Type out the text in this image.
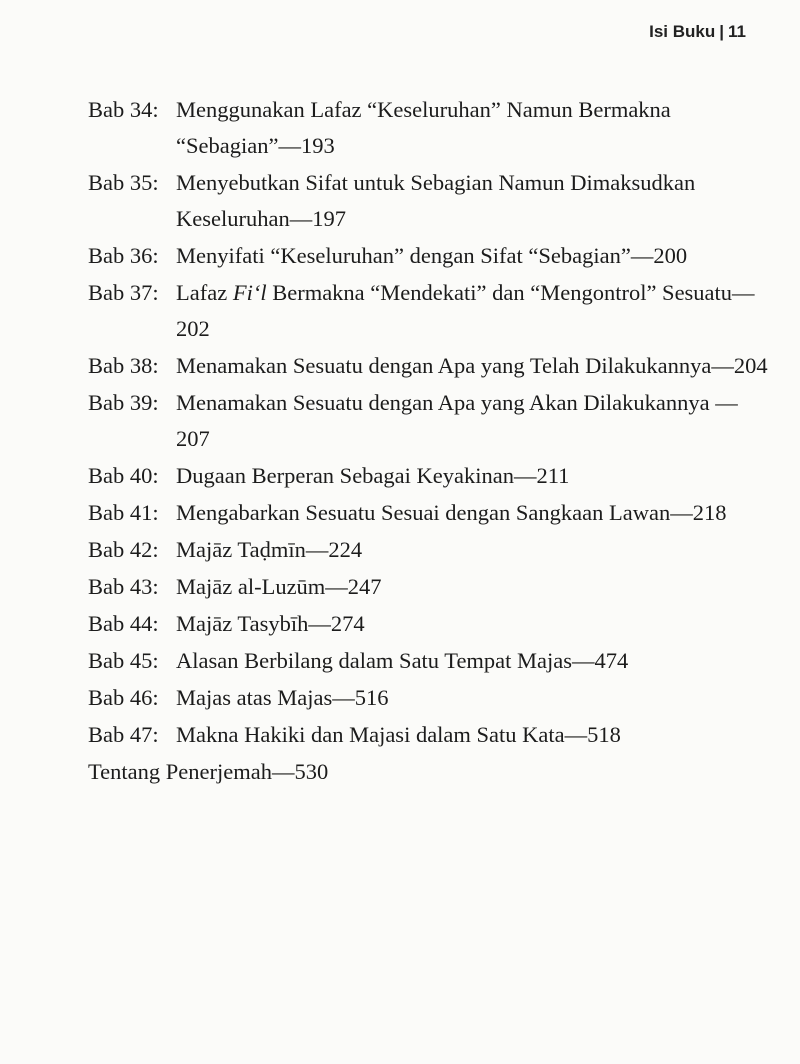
Isi Buku | 11
Bab 34: Menggunakan Lafaz “Keseluruhan” Namun Bermakna “Sebagian”—193
Bab 35: Menyebutkan Sifat untuk Sebagian Namun Dimaksudkan Keseluruhan—197
Bab 36: Menyifati “Keseluruhan” dengan Sifat “Sebagian”—200
Bab 37: Lafaz Fi‘l Bermakna “Mendekati” dan “Mengontrol” Sesuatu—202
Bab 38: Menamakan Sesuatu dengan Apa yang Telah Dilakukannya—204
Bab 39: Menamakan Sesuatu dengan Apa yang Akan Dilakukannya —207
Bab 40: Dugaan Berperan Sebagai Keyakinan—211
Bab 41: Mengabarkan Sesuatu Sesuai dengan Sangkaan Lawan—218
Bab 42: Majāz Taḍmīn—224
Bab 43: Majāz al-Luzūm—247
Bab 44: Majāz Tasybīh—274
Bab 45: Alasan Berbilang dalam Satu Tempat Majas—474
Bab 46: Majas atas Majas—516
Bab 47: Makna Hakiki dan Majasi dalam Satu Kata—518
Tentang Penerjemah—530
